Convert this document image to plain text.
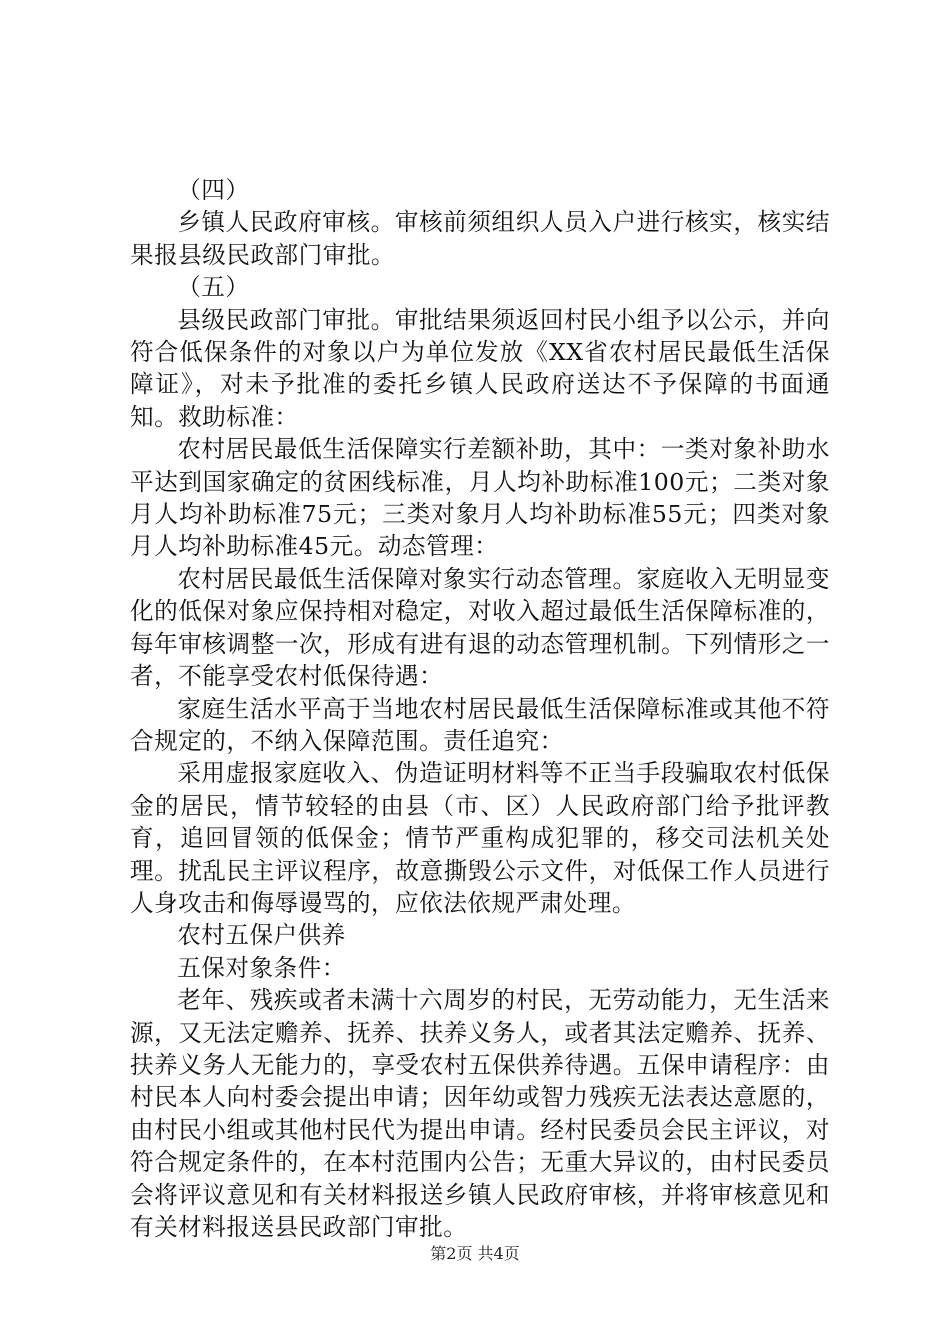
（四）

乡镇人民政府审核。审核前须组织人员入户进行核实，核实结果报县级民政部门审批。

（五）

县级民政部门审批。审批结果须返回村民小组予以公示，并向符合低保条件的对象以户为单位发放《XX省农村居民最低生活保障证》，对未予批准的委托乡镇人民政府送达不予保障的书面通知。救助标准：

农村居民最低生活保障实行差额补助，其中：一类对象补助水平达到国家确定的贫困线标准，月人均补助标准100元；二类对象月人均补助标准75元；三类对象月人均补助标准55元；四类对象月人均补助标准45元。动态管理：

农村居民最低生活保障对象实行动态管理。家庭收入无明显变化的低保对象应保持相对稳定，对收入超过最低生活保障标准的，每年审核调整一次，形成有进有退的动态管理机制。下列情形之一者，不能享受农村低保待遇：

家庭生活水平高于当地农村居民最低生活保障标准或其他不符合规定的，不纳入保障范围。责任追究：

采用虚报家庭收入、伪造证明材料等不正当手段骗取农村低保金的居民，情节较轻的由县（市、区）人民政府部门给予批评教育，追回冒领的低保金；情节严重构成犯罪的，移交司法机关处理。扰乱民主评议程序，故意撕毁公示文件，对低保工作人员进行人身攻击和侮辱谩骂的，应依法依规严肃处理。

农村五保户供养

五保对象条件：

老年、残疾或者未满十六周岁的村民，无劳动能力，无生活来源，又无法定赡养、抚养、扶养义务人，或者其法定赡养、抚养、扶养义务人无能力的，享受农村五保供养待遇。五保申请程序：由村民本人向村委会提出申请；因年幼或智力残疾无法表达意愿的，由村民小组或其他村民代为提出申请。经村民委员会民主评议，对符合规定条件的，在本村范围内公告；无重大异议的，由村民委员会将评议意见和有关材料报送乡镇人民政府审核，并将审核意见和有关材料报送县民政部门审批。

第2页 共4页
